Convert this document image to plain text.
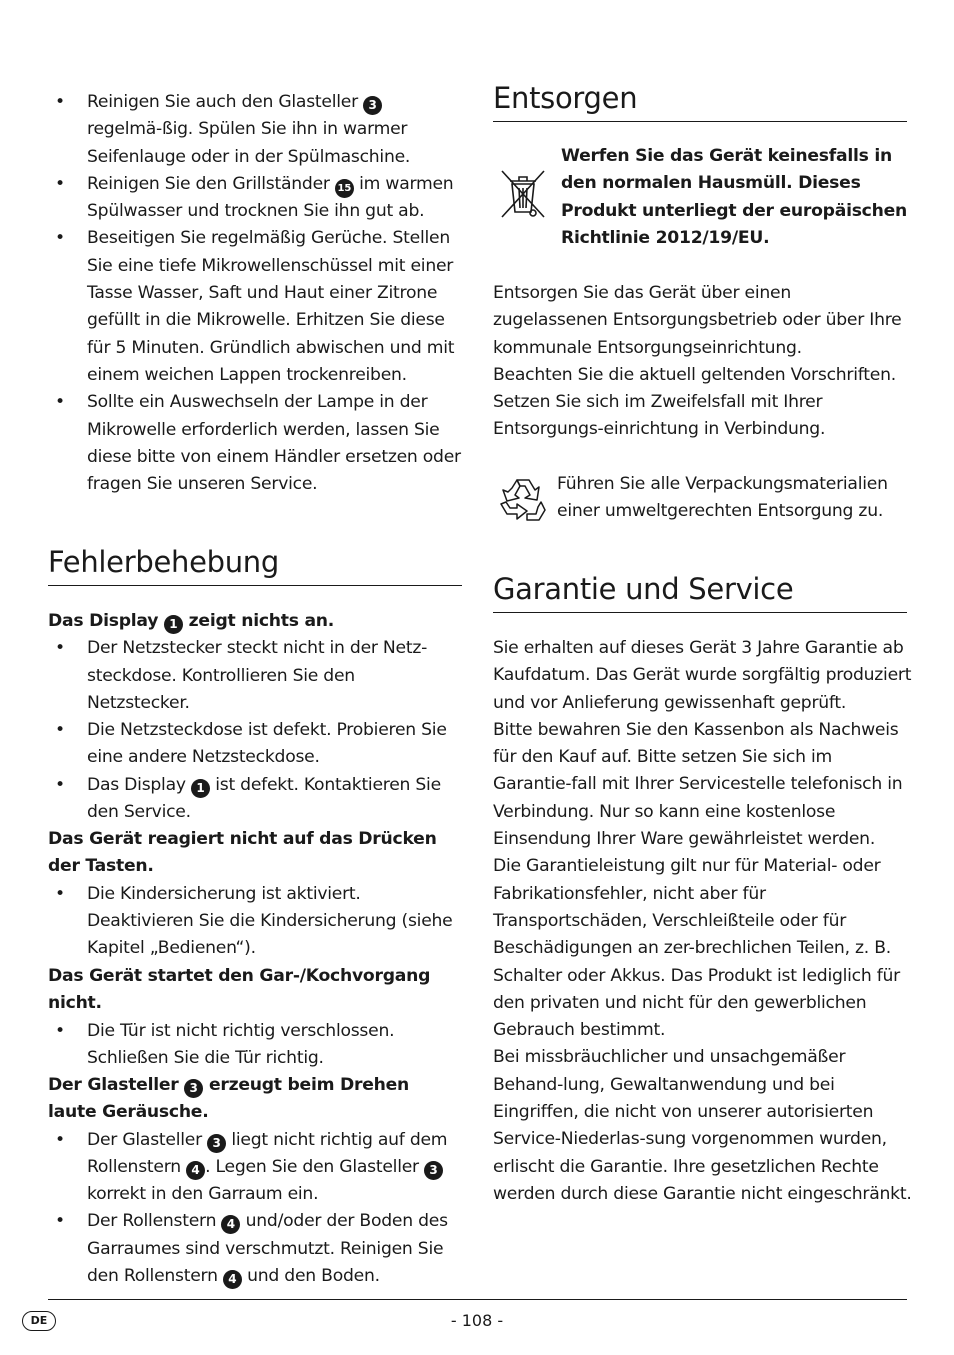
• Reinigen Sie auch den Glasteller 3 regelmä-ßig. Spülen Sie ihn in warmer Seifenlauge oder in der Spülmaschine.
• Reinigen Sie den Grillständer 15 im warmen Spülwasser und trocknen Sie ihn gut ab.
• Beseitigen Sie regelmäßig Gerüche. Stellen Sie eine tiefe Mikrowellenschüssel mit einer Tasse Wasser, Saft und Haut einer Zitrone gefüllt in die Mikrowelle. Erhitzen Sie diese für 5 Minuten. Gründlich abwischen und mit einem weichen Lappen trockenreiben.
• Sollte ein Auswechseln der Lampe in der Mikrowelle erforderlich werden, lassen Sie diese bitte von einem Händler ersetzen oder fragen Sie unseren Service.
Fehlerbehebung
Das Display 1 zeigt nichts an.
• Der Netzstecker steckt nicht in der Netz-steckdose. Kontrollieren Sie den Netzstecker.
• Die Netzsteckdose ist defekt. Probieren Sie eine andere Netzsteckdose.
• Das Display 1 ist defekt. Kontaktieren Sie den Service.
Das Gerät reagiert nicht auf das Drücken der Tasten.
• Die Kindersicherung ist aktiviert. Deaktivieren Sie die Kindersicherung (siehe Kapitel „Bedienen“).
Das Gerät startet den Gar-/Kochvorgang nicht.
• Die Tür ist nicht richtig verschlossen. Schließen Sie die Tür richtig.
Der Glasteller 3 erzeugt beim Drehen laute Geräusche.
• Der Glasteller 3 liegt nicht richtig auf dem Rollenstern 4 . Legen Sie den Glasteller 3 korrekt in den Garraum ein.
• Der Rollenstern 4 und/oder der Boden des Garraumes sind verschmutzt. Reinigen Sie den Rollenstern 4 und den Boden.
Entsorgen
Werfen Sie das Gerät keinesfalls in den normalen Hausmüll. Dieses Produkt unterliegt der europäischen Richtlinie 2012/19/EU.
Entsorgen Sie das Gerät über einen zugelassenen Entsorgungsbetrieb oder über Ihre kommunale Entsorgungseinrichtung.
Beachten Sie die aktuell geltenden Vorschriften. Setzen Sie sich im Zweifelsfall mit Ihrer Entsorgungs-einrichtung in Verbindung.
Führen Sie alle Verpackungsmaterialien einer umweltgerechten Entsorgung zu.
Garantie und Service
Sie erhalten auf dieses Gerät 3 Jahre Garantie ab Kaufdatum. Das Gerät wurde sorgfältig produziert und vor Anlieferung gewissenhaft geprüft.
Bitte bewahren Sie den Kassenbon als Nachweis für den Kauf auf. Bitte setzen Sie sich im Garantie-fall mit Ihrer Servicestelle telefonisch in Verbindung. Nur so kann eine kostenlose Einsendung Ihrer Ware gewährleistet werden.
Die Garantieleistung gilt nur für Material- oder Fabrikationsfehler, nicht aber für Transportschäden, Verschleißteile oder für Beschädigungen an zer-brechlichen Teilen, z. B. Schalter oder Akkus. Das Produkt ist lediglich für den privaten und nicht für den gewerblichen Gebrauch bestimmt.
Bei missbräuchlicher und unsachgemäßer Behand-lung, Gewaltanwendung und bei Eingriffen, die nicht von unserer autorisierten Service-Niederlas-sung vorgenommen wurden, erlischt die Garantie. Ihre gesetzlichen Rechte werden durch diese Garantie nicht eingeschränkt.
DE	- 108 -
